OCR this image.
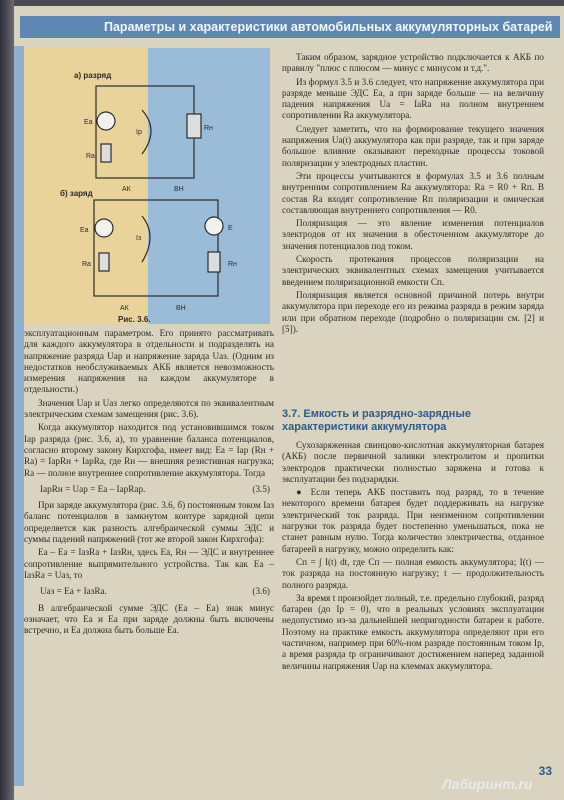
Параметры и характеристики автомобильных аккумуляторных батарей
а) разряд
Еа
Rа
Iр
Rн
АК	ВН
б) заряд
Еа
Rа
Iз
Е
Rн
АК	ВН
Рис. 3.6.

эксплуатационным параметром. Его принято рассматривать для каждого аккумулятора в отдельности и подразделять на напряжение разряда Uар и напряжение заряда Uаз. (Одним из недостатков необслуживаемых АКБ является невозможность измерения напряжения на каждом аккумуляторе в отдельности.)

Значения Uар и Uаз легко определяются по эквивалентным электрическим схемам замещения (рис. 3.6).

Когда аккумулятор находится под установившимся током Iар разряда (рис. 3.6, а), то уравнение баланса потенциалов, согласно второму закону Кирхгофа, имеет вид: Еа = Iар (Rн + Rа) = IарRн + IарRа, где Rн — внешняя резистивная нагрузка; Rа — полное внутреннее сопротивление аккумулятора. Тогда

IарRн = Uар = Еа – IарRар.	(3.5)

При заряде аккумулятора (рис. 3.6, б) постоянным током Iаз баланс потенциалов в замкнутом контуре зарядной цепи определяется как разность алгебраической суммы ЭДС и суммы падений напряжений (тот же второй закон Кирхгофа):

Еа – Еа = IазRа + IазRн, здесь Еа, Rн — ЭДС и внутреннее сопротивление выпрямительного устройства. Так как Еа – IазRа = Uаз, то

Uаз = Еа + IазRа.	(3.6)

В алгебраической сумме ЭДС (Еа – Еа) знак минус означает, что Еа и Еа при заряде должны быть включены встречно, и Еа должна быть больше Еа.

Таким образом, зарядное устройство подключается к АКБ по правилу "плюс с плюсом — минус с минусом и т.д.".

Из формул 3.5 и 3.6 следует, что напряжение аккумулятора при разряде меньше ЭДС Еа, а при заряде больше — на величину падения напряжения Uа = IаRа на полном внутреннем сопротивлении Rа аккумулятора.

Следует заметить, что на формирование текущего значения напряжения Uа(t) аккумулятора как при разряде, так и при заряде большое влияние оказывают переходные процессы токовой поляризации у электродных пластин.

Эти процессы учитываются в формулах 3.5 и 3.6 полным внутренним сопротивлением Rа аккумулятора: Rа = R0 + Rп. В состав Rа входят сопротивление Rп поляризации и омическая составляющая внутреннего сопротивления — R0.

Поляризация — это явление изменения потенциалов электродов от их значения в обесточенном аккумуляторе до значения потенциалов под током.

Скорость протекания процессов поляризации на электрических эквивалентных схемах замещения учитывается введением поляризационной емкости Сп.

Поляризация является основной причиной потерь внутри аккумулятора при переходе его из режима разряда в режим заряда или при обратном переходе (подробно о поляризации см. [2] и [5]).

3.7. Емкость и разрядно-зарядные характеристики аккумулятора

Сухозаряженная свинцово-кислотная аккумуляторная батарея (АКБ) после первичной заливки электролитом и пропитки электродов практически полностью заряжена и готова к эксплуатации без подзарядки.

● Если теперь АКБ поставить под разряд, то в течение некоторого времени батарея будет поддерживать на нагрузке электрический ток разряда. При неизменном сопротивлении нагрузки ток разряда будет постепенно уменьшаться, пока не станет равным нулю. Тогда количество электричества, отданное батареей в нагрузку, можно определить как:

Сп = ∫ I(t) dt, где Сп — полная емкость аккумулятора; I(t) — ток разряда на постоянную нагрузку; t — продолжительность полного разряда.

За время t произойдет полный, т.е. предельно глубокий, разряд батареи (до Iр = 0), что в реальных условиях эксплуатации недопустимо из-за дальнейшей непригодности батареи к работе. Поэтому на практике емкость аккумулятора определяют при его частичном, например при 60%-ном разряде постоянным током Iр, а время разряда tр ограничивают достижением наперед заданной величины напряжения Uар на клеммах аккумулятора.

33
Лабиринт.ru
